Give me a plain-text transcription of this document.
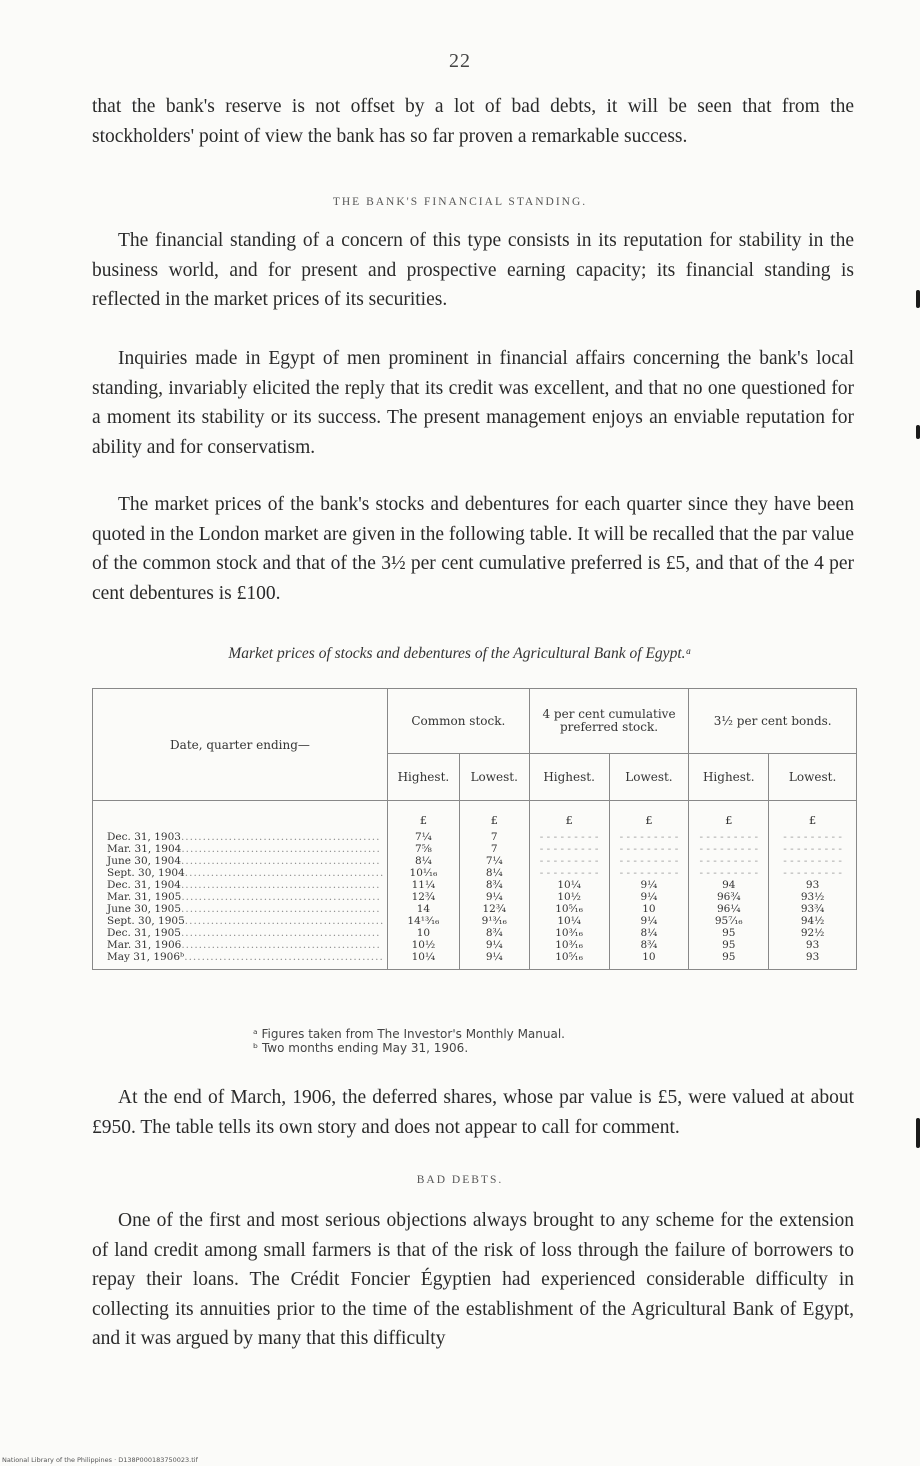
22

that the bank's reserve is not offset by a lot of bad debts, it will be seen that from the stockholders' point of view the bank has so far proven a remarkable success.

THE BANK'S FINANCIAL STANDING.

The financial standing of a concern of this type consists in its reputation for stability in the business world, and for present and prospective earning capacity; its financial standing is reflected in the market prices of its securities.

Inquiries made in Egypt of men prominent in financial affairs concerning the bank's local standing, invariably elicited the reply that its credit was excellent, and that no one questioned for a moment its stability or its success. The present management enjoys an enviable reputation for ability and for conservatism.

The market prices of the bank's stocks and debentures for each quarter since they have been quoted in the London market are given in the following table. It will be recalled that the par value of the common stock and that of the 3½ per cent cumulative preferred is £5, and that of the 4 per cent debentures is £100.

Market prices of stocks and debentures of the Agricultural Bank of Egypt.ᵃ
Date, quarter ending—	Common stock.		4 per cent cumulative preferred stock.		3½ per cent bonds.	
	Highest.	Lowest.	Highest.	Lowest.	Highest.	Lowest.
	£	£	£	£	£	£
Dec. 31, 1903..............................................	7¼	7	- - - - - - - - -	- - - - - - - - -	- - - - - - - - -	- - - - - - - - -
Mar. 31, 1904..............................................	7⅝	7	- - - - - - - - -	- - - - - - - - -	- - - - - - - - -	- - - - - - - - -
June 30, 1904..............................................	8¼	7¼	- - - - - - - - -	- - - - - - - - -	- - - - - - - - -	- - - - - - - - -
Sept. 30, 1904..............................................	10⅟₁₆	8¼	- - - - - - - - -	- - - - - - - - -	- - - - - - - - -	- - - - - - - - -
Dec. 31, 1904..............................................	11¼	8¾	10¼	9¼	94	93
Mar. 31, 1905..............................................	12¾	9¼	10½	9¼	96¾	93½
June 30, 1905..............................................	14	12¾	10⁵⁄₁₆	10	96¼	93¾
Sept. 30, 1905..............................................	14¹³⁄₁₆	9¹³⁄₁₆	10¼	9¼	95⁷⁄₁₆	94½
Dec. 31, 1905..............................................	10	8¾	10³⁄₁₆	8¼	95	92½
Mar. 31, 1906..............................................	10½	9¼	10³⁄₁₆	8¾	95	93
May 31, 1906ᵇ..............................................	10¼	9¼	10⁵⁄₁₆	10	95	93
ᵃ Figures taken from The Investor's Monthly Manual.
ᵇ Two months ending May 31, 1906.

At the end of March, 1906, the deferred shares, whose par value is £5, were valued at about £950. The table tells its own story and does not appear to call for comment.

BAD DEBTS.

One of the first and most serious objections always brought to any scheme for the extension of land credit among small farmers is that of the risk of loss through the failure of borrowers to repay their loans. The Crédit Foncier Égyptien had experienced considerable difficulty in collecting its annuities prior to the time of the establishment of the Agricultural Bank of Egypt, and it was argued by many that this difficulty

National Library of the Philippines · D138P000183750023.tif
